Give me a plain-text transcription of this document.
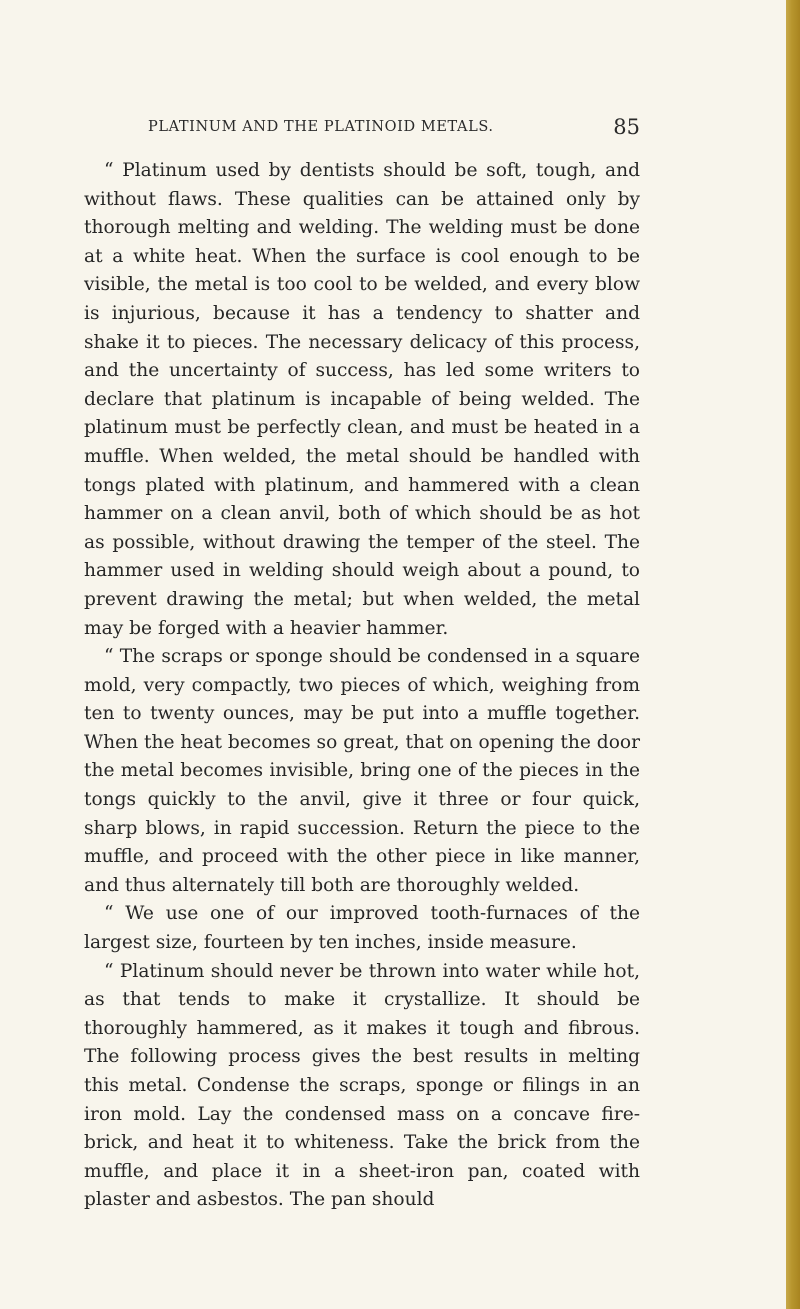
PLATINUM AND THE PLATINOID METALS.	85

“ Platinum used by dentists should be soft, tough, and without flaws. These qualities can be attained only by thorough melting and welding. The welding must be done at a white heat. When the surface is cool enough to be visible, the metal is too cool to be welded, and every blow is injurious, because it has a tendency to shatter and shake it to pieces. The necessary delicacy of this process, and the uncertainty of success, has led some writers to declare that platinum is incapable of being welded. The platinum must be perfectly clean, and must be heated in a muffle. When welded, the metal should be handled with tongs plated with platinum, and hammered with a clean hammer on a clean anvil, both of which should be as hot as possible, without drawing the temper of the steel. The hammer used in welding should weigh about a pound, to prevent drawing the metal; but when welded, the metal may be forged with a heavier hammer.

“ The scraps or sponge should be condensed in a square mold, very compactly, two pieces of which, weighing from ten to twenty ounces, may be put into a muffle together. When the heat becomes so great, that on opening the door the metal becomes invisible, bring one of the pieces in the tongs quickly to the anvil, give it three or four quick, sharp blows, in rapid succession. Return the piece to the muffle, and proceed with the other piece in like manner, and thus alternately till both are thoroughly welded.

“ We use one of our improved tooth-furnaces of the largest size, fourteen by ten inches, inside measure.

“ Platinum should never be thrown into water while hot, as that tends to make it crystallize. It should be thoroughly hammered, as it makes it tough and fibrous. The following process gives the best results in melting this metal. Condense the scraps, sponge or filings in an iron mold. Lay the condensed mass on a concave fire-brick, and heat it to whiteness. Take the brick from the muffle, and place it in a sheet-iron pan, coated with plaster and asbestos. The pan should
